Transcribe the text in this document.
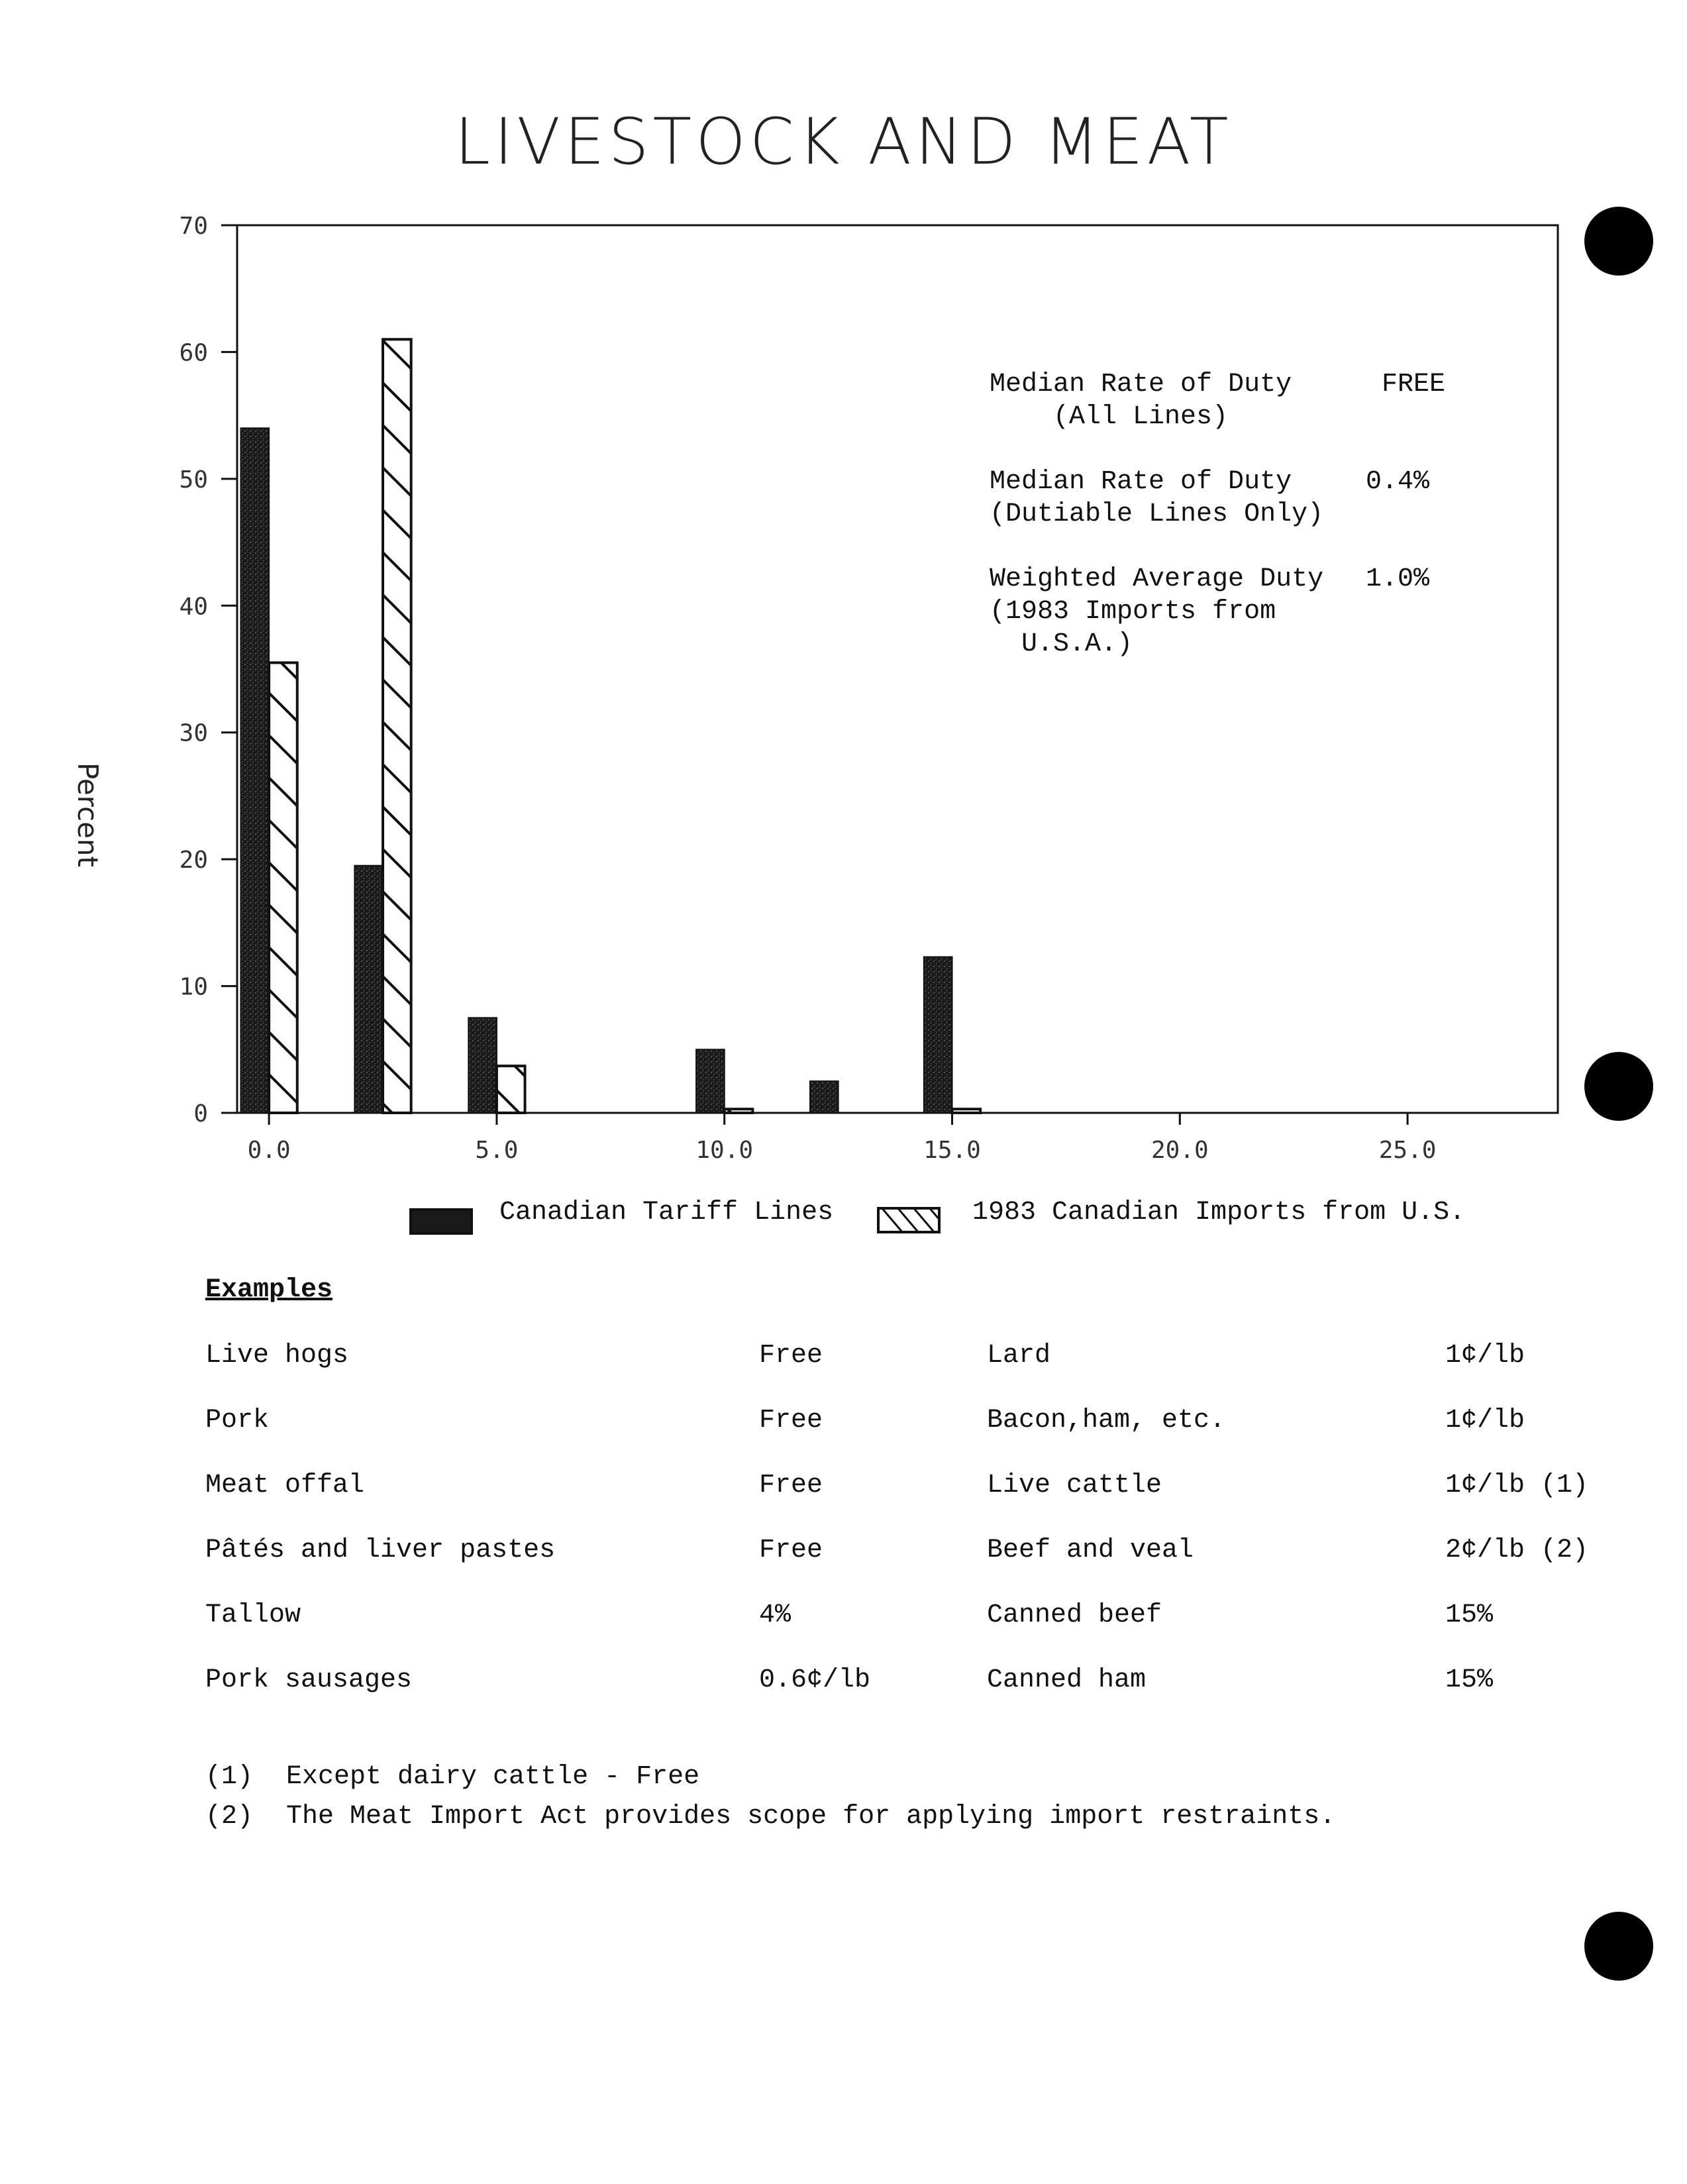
LIVESTOCK AND MEAT
0
10
20
30
40
50
60
70
0.0	5.0	10.0	15.0	20.0	25.0
Percent
Median Rate of Duty
(All Lines)
FREE
Median Rate of Duty
(Dutiable Lines Only)
0.4%
Weighted Average Duty
(1983 Imports from
U.S.A.)
1.0%
Canadian Tariff Lines	1983 Canadian Imports from U.S.
Examples
Live hogs	Free	Lard	1¢/lb
Pork	Free	Bacon,ham, etc.	1¢/lb
Meat offal	Free	Live cattle	1¢/lb (1)
Pâtés and liver pastes	Free	Beef and veal	2¢/lb (2)
Tallow	4%	Canned beef	15%
Pork sausages	0.6¢/lb	Canned ham	15%
(1) Except dairy cattle - Free
(2) The Meat Import Act provides scope for applying import restraints.
